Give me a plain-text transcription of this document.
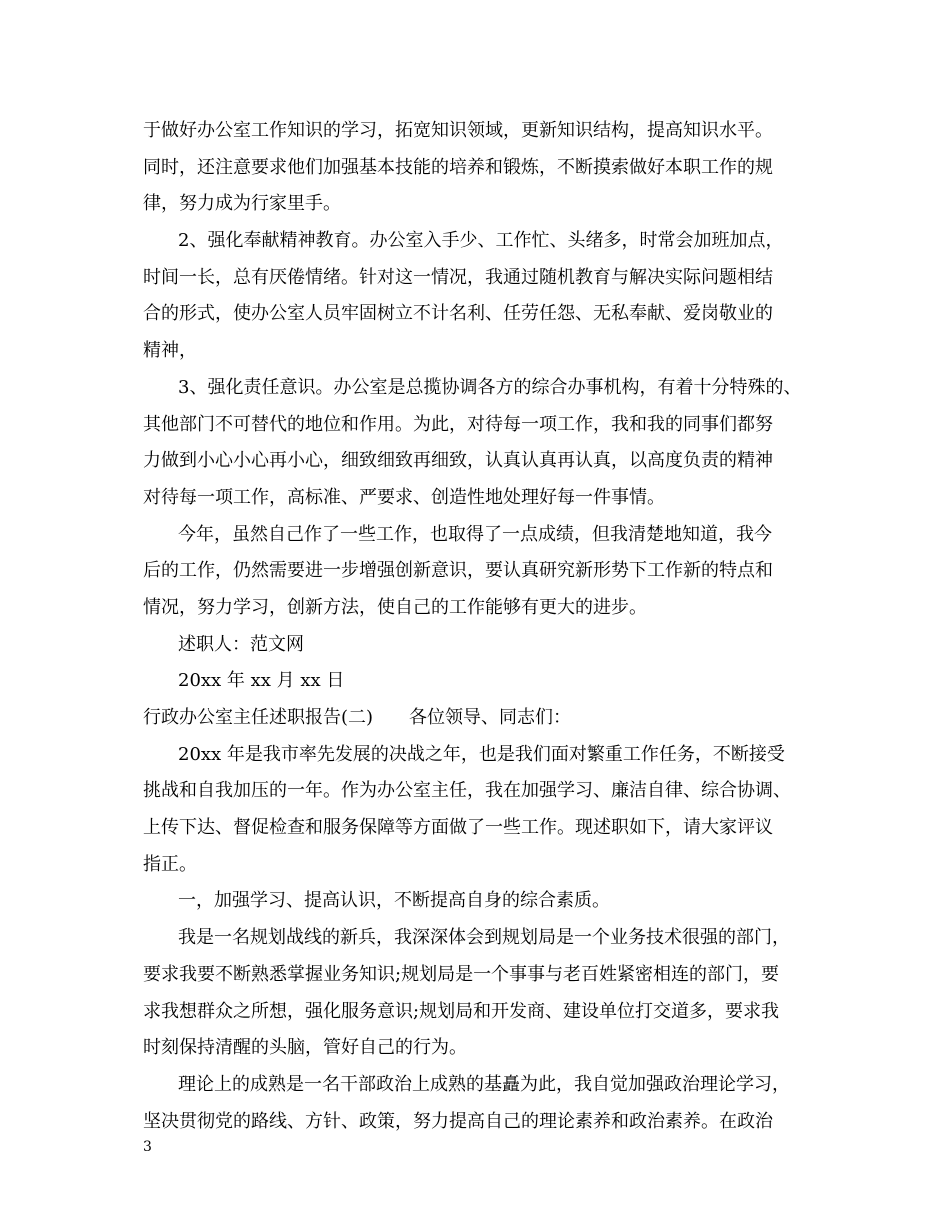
于做好办公室工作知识的学习，拓宽知识领域，更新知识结构，提高知识水平。
同时，还注意要求他们加强基本技能的培养和锻炼，不断摸索做好本职工作的规
律，努力成为行家里手。
2、强化奉献精神教育。办公室入手少、工作忙、头绪多，时常会加班加点，
时间一长，总有厌倦情绪。针对这一情况，我通过随机教育与解决实际问题相结
合的形式，使办公室人员牢固树立不计名利、任劳任怨、无私奉献、爱岗敬业的
精神，
3、强化责任意识。办公室是总揽协调各方的综合办事机构，有着十分特殊的、
其他部门不可替代的地位和作用。为此，对待每一项工作，我和我的同事们都努
力做到小心小心再小心，细致细致再细致，认真认真再认真，以高度负责的精神
对待每一项工作，高标准、严要求、创造性地处理好每一件事情。
今年，虽然自己作了一些工作，也取得了一点成绩，但我清楚地知道，我今
后的工作，仍然需要进一步增强创新意识，要认真研究新形势下工作新的特点和
情况，努力学习，创新方法，使自己的工作能够有更大的进步。
述职人：范文网
20xx 年 xx 月 xx 日
行政办公室主任述职报告(二) 各位领导、同志们：
20xx 年是我市率先发展的决战之年，也是我们面对繁重工作任务，不断接受
挑战和自我加压的一年。作为办公室主任，我在加强学习、廉洁自律、综合协调、
上传下达、督促检查和服务保障等方面做了一些工作。现述职如下，请大家评议
指正。
一，加强学习、提高认识，不断提高自身的综合素质。
我是一名规划战线的新兵，我深深体会到规划局是一个业务技术很强的部门，
要求我要不断熟悉掌握业务知识;规划局是一个事事与老百姓紧密相连的部门，要
求我想群众之所想，强化服务意识;规划局和开发商、建设单位打交道多，要求我
时刻保持清醒的头脑，管好自己的行为。
理论上的成熟是一名干部政治上成熟的基矗为此，我自觉加强政治理论学习，
坚决贯彻党的路线、方针、政策，努力提高自己的理论素养和政治素养。在政治
3
